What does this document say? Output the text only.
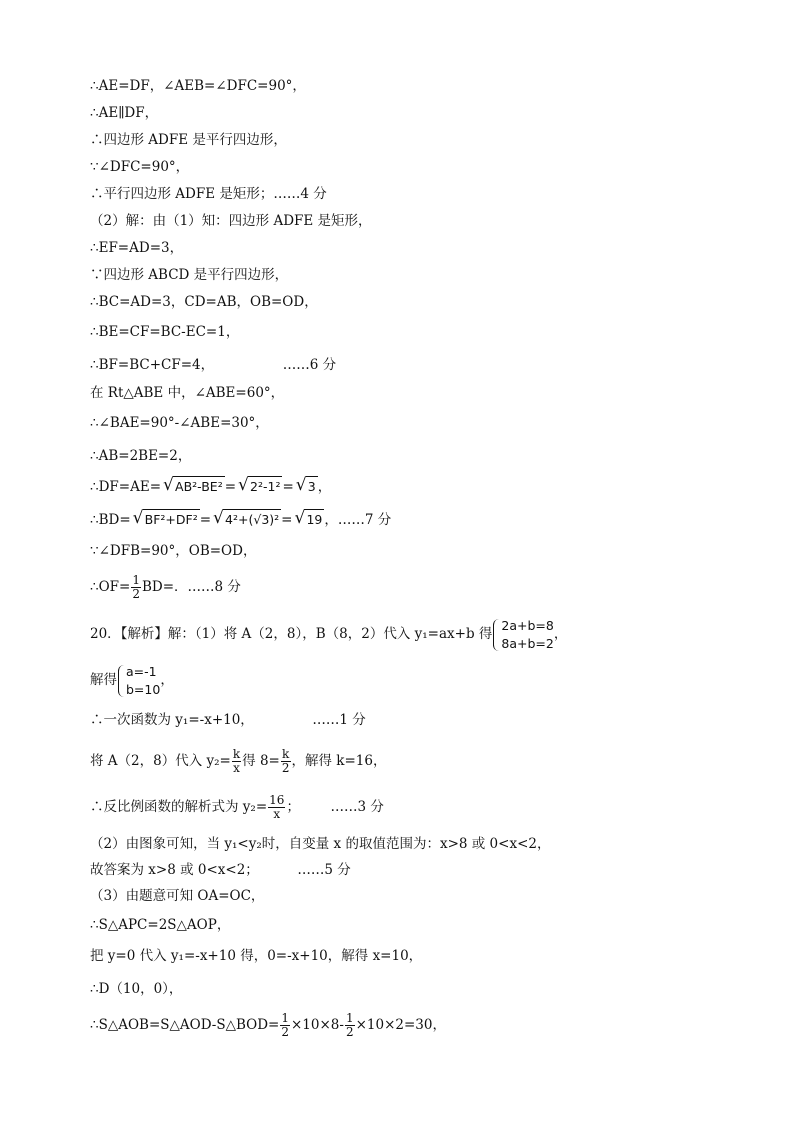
∴AE=DF，∠AEB=∠DFC=90°，
∴AE∥DF，
∴四边形 ADFE 是平行四边形，
∵∠DFC=90°，
∴平行四边形 ADFE 是矩形；……4 分
（2）解：由（1）知：四边形 ADFE 是矩形，
∴EF=AD=3，
∵四边形 ABCD 是平行四边形，
∴BC=AD=3，CD=AB，OB=OD，
∴BE=CF=BC-EC=1，
∴BF=BC+CF=4，	……6 分
在 Rt△ABE 中，∠ABE=60°，
∴∠BAE=90°-∠ABE=30°，
∴AB=2BE=2，
∴DF=AE= √ AB²-BE² = √ 2²-1² = √ 3 ，
∴BD= √ BF²+DF² = √ 4²+(√3)² = √ 19 ，……7 分
∵∠DFB=90°，OB=OD，
∴OF= $\frac{1}{2} BD=$．……8 分
20．【解析】解：（1）将 A（2，8），B（8，2）代入 y₁=ax+b 得
2a+b=8
8a+b=2
，
解得
a=-1
b=10
，
∴一次函数为 y₁=-x+10，	……1 分
将 A（2，8）代入 $y_2= \frac{k}{x}$ 得 $8= \frac{k}{2}$ ，解得 k=16，
∴反比例函数的解析式为 $y_2= \frac{16}{x}$ ； ……3 分
（2）由图象可知，当 y₁<y₂时，自变量 x 的取值范围为：x>8 或 0<x<2，
故答案为 x>8 或 0<x<2；	……5 分
（3）由题意可知 OA=OC，
∴S△APC=2S△AOP，
把 y=0 代入 y₁=-x+10 得，0=-x+10，解得 x=10，
∴D（10，0），
∴S△AOB=S△AOD-S△BOD= $\frac{1}{2} \times 10\times 8- \frac{1}{2} \times 10\times 2=30$，
